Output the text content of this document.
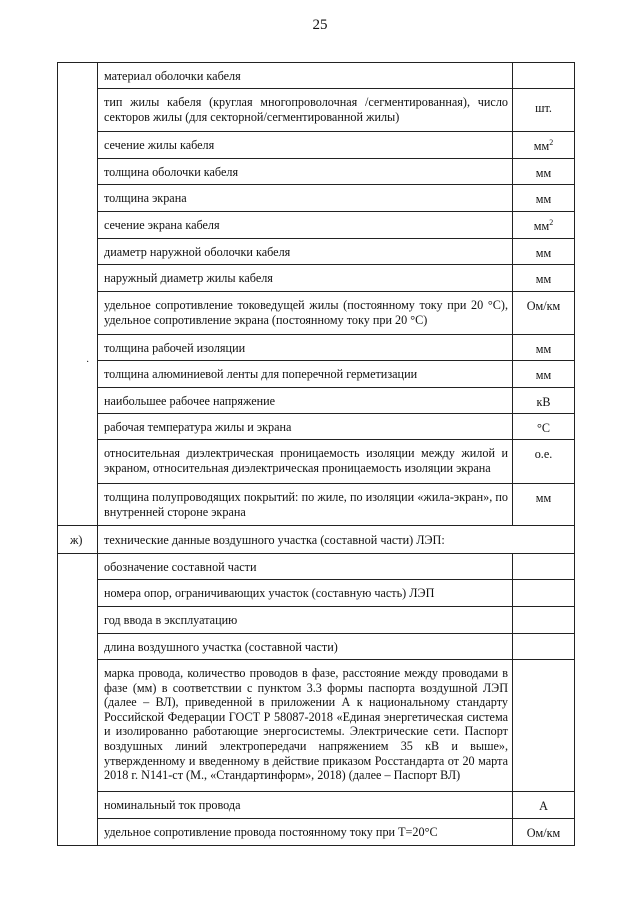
25
·
	материал оболочки кабеля	
	тип жилы кабеля (круглая многопроволочная /сегментированная), число секторов жилы (для секторной/сегментированной жилы)	шт.
	сечение жилы кабеля	$мм^2$
	толщина оболочки кабеля	мм
	толщина экрана	мм
	сечение экрана кабеля	$мм^2$
	диаметр наружной оболочки кабеля	мм
	наружный диаметр жилы кабеля	мм
	удельное сопротивление токоведущей жилы (постоянному току при 20 °С), удельное сопротивление экрана (постоянному току при 20 °С)	Ом/км
	толщина рабочей изоляции	мм
	толщина алюминиевой ленты для поперечной герметизации	мм
	наибольшее рабочее напряжение	кВ
	рабочая температура жилы и экрана	°С
	относительная диэлектрическая проницаемость изоляции между жилой и экраном, относительная диэлектрическая проницаемость изоляции экрана	о.е.
	толщина полупроводящих покрытий: по жиле, по изоляции «жила-экран», по внутренней стороне экрана	мм
ж)	технические данные воздушного участка (составной части) ЛЭП:	
	обозначение составной части	
	номера опор, ограничивающих участок (составную часть) ЛЭП	
	год ввода в эксплуатацию	
	длина воздушного участка (составной части)	
	марка провода, количество проводов в фазе, расстояние между проводами в фазе (мм) в соответствии с пунктом 3.3 формы паспорта воздушной ЛЭП (далее – ВЛ), приведенной в приложении А к национальному стандарту Российской Федерации ГОСТ Р 58087-2018 «Единая энергетическая система и изолированно работающие энергосистемы. Электрические сети. Паспорт воздушных линий электропередачи напряжением 35 кВ и выше», утвержденному и введенному в действие приказом Росстандарта от 20 марта 2018 г. N141-ст (М., «Стандартинформ», 2018) (далее – Паспорт ВЛ)	
	номинальный ток провода	А
	удельное сопротивление провода постоянному току при T=20°С	Ом/км
